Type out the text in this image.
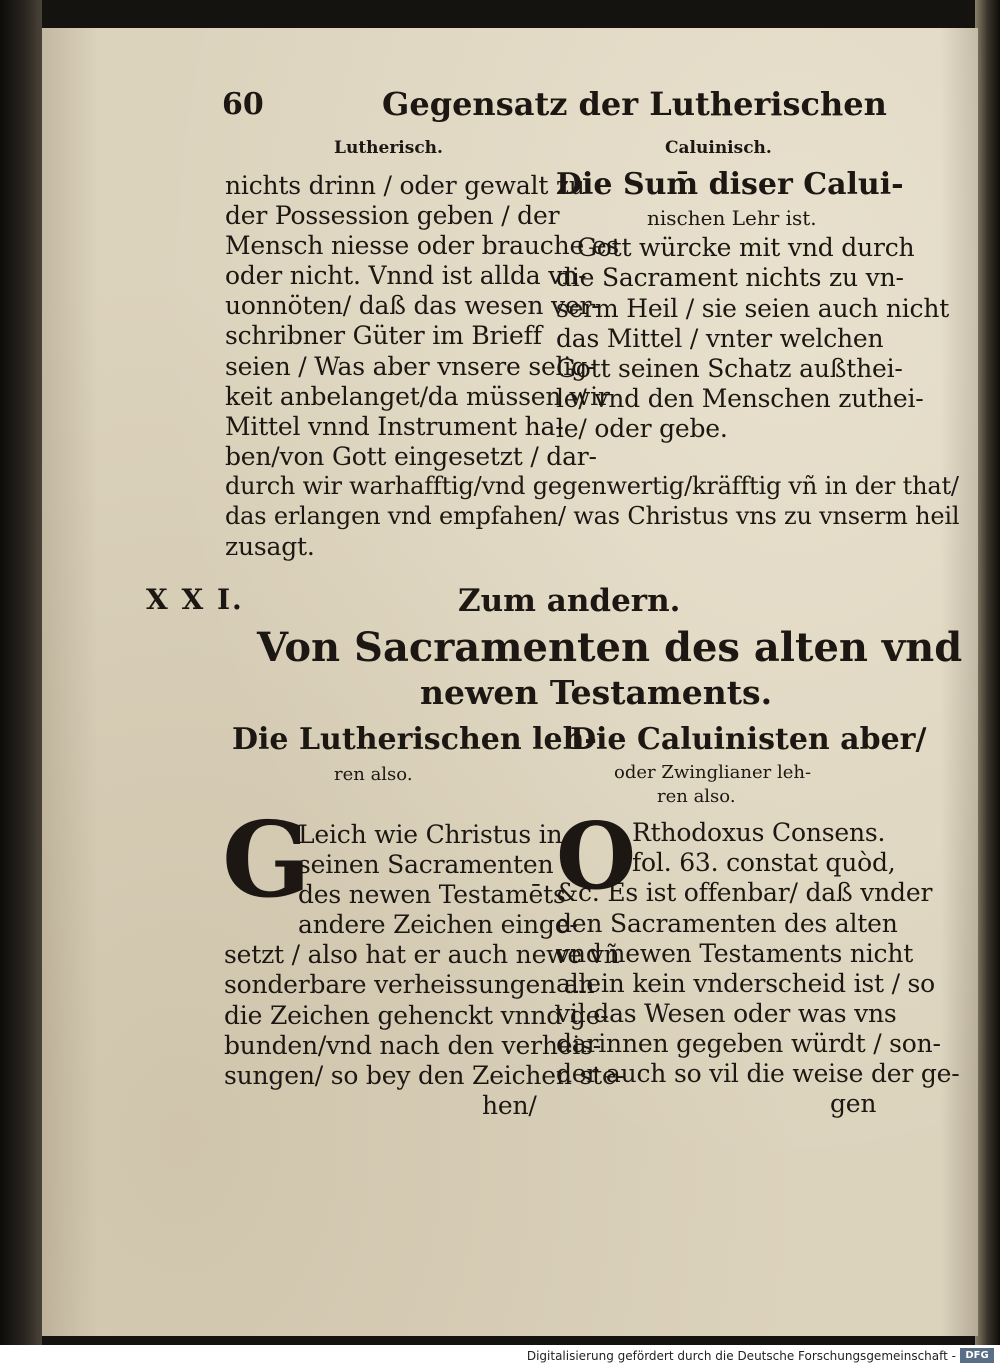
60	Gegensatz der Lutherischen
Lutherisch.	Caluinisch.
nichts drinn / oder gewalt zu
der Possession geben / der
Mensch niesse oder brauche es
oder nicht. Vnnd ist allda vn-
uonnöten/ daß das wesen ver-
schribner Güter im Brieff
seien / Was aber vnsere selig-
keit anbelanget/da müssen wir
Mittel vnnd Instrument ha-
ben/von Gott eingesetzt / dar-
Die Sum̄ diser Calui-
nischen Lehr ist.
Gott würcke mit vnd durch
die Sacrament nichts zu vn-
serm Heil / sie seien auch nicht
das Mittel / vnter welchen
Gott seinen Schatz außthei-
le/ vnd den Menschen zuthei-
le/ oder gebe.
durch wir warhafftig/vnd gegenwertig/kräfftig vñ in der that/
das erlangen vnd empfahen/ was Christus vns zu vnserm heil
zusagt.
X X I.	Zum andern.
Von Sacramenten des alten vnd
newen Testaments.
Die Lutherischen leh-
ren also.
Die Caluinisten aber/
oder Zwinglianer leh-
ren also.
G
Leich wie Christus in
seinen Sacramenten
des newen Testamēts
andere Zeichen einge-
setzt / also hat er auch newe vñ
sonderbare verheissungen an
die Zeichen gehenckt vnnd ge-
bunden/vnd nach den verheis-
sungen/ so bey den Zeichen ste-
hen/
O
Rthodoxus Consens.
fol. 63. constat quòd,
&c. Es ist offenbar/ daß vnder
den Sacramenten des alten
vnd newen Testaments nicht
allein kein vnderscheid ist / so
vil das Wesen oder was vns
darinnen gegeben würdt / son-
der auch so vil die weise der ge-
gen
Digitalisierung gefördert durch die Deutsche Forschungsgemeinschaft - DFG
